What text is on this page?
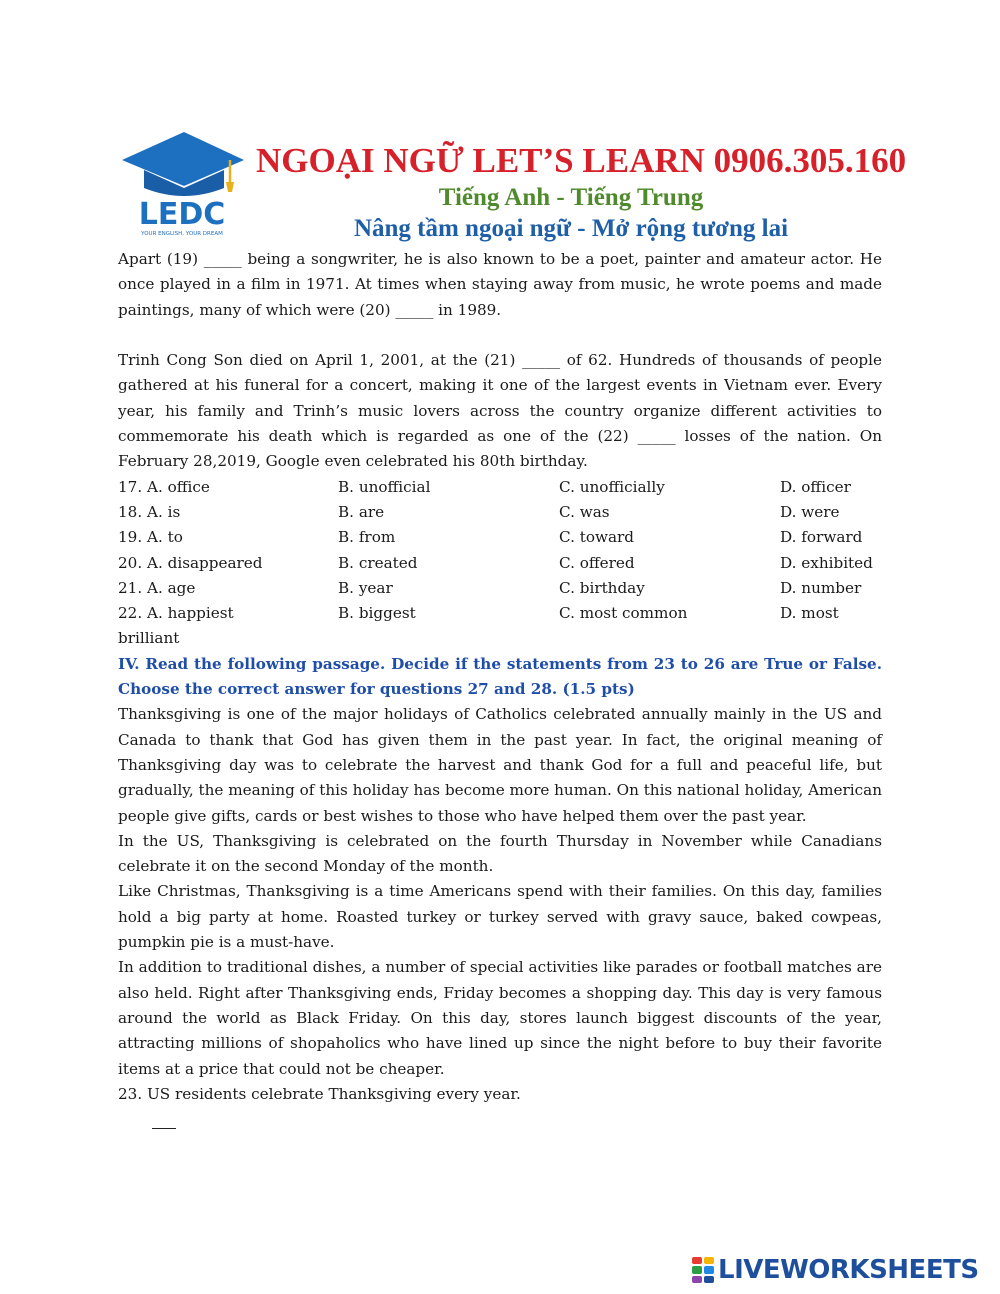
LEDC
YOUR ENGLISH, YOUR DREAM
NGOẠI NGỮ LET’S LEARN 0906.305.160
Tiếng Anh - Tiếng Trung
Nâng tầm ngoại ngữ - Mở rộng tương lai

Apart (19) _____ being a songwriter, he is also known to be a poet, painter and amateur actor. He once played in a film in 1971. At times when staying away from music, he wrote poems and made paintings, many of which were (20) _____ in 1989.

Trinh Cong Son died on April 1, 2001, at the (21) _____ of 62. Hundreds of thousands of people gathered at his funeral for a concert, making it one of the largest events in Vietnam ever. Every year, his family and Trinh’s music lovers across the country organize different activities to commemorate his death which is regarded as one of the (22) _____ losses of the nation. On February 28,2019, Google even celebrated his 80th birthday.

17. A. office	B. unofficial	C. unofficially	D. officer
18. A. is	B. are	C. was	D. were
19. A. to	B. from	C. toward	D. forward
20. A. disappeared	B. created	C. offered	D. exhibited
21. A. age	B. year	C. birthday	D. number
22. A. happiest	B. biggest	C. most common	D. most
brilliant

IV. Read the following passage. Decide if the statements from 23 to 26 are True or False. Choose the correct answer for questions 27 and 28. (1.5 pts)

Thanksgiving is one of the major holidays of Catholics celebrated annually mainly in the US and Canada to thank that God has given them in the past year. In fact, the original meaning of Thanksgiving day was to celebrate the harvest and thank God for a full and peaceful life, but gradually, the meaning of this holiday has become more human. On this national holiday, American people give gifts, cards or best wishes to those who have helped them over the past year.

In the US, Thanksgiving is celebrated on the fourth Thursday in November while Canadians celebrate it on the second Monday of the month.

Like Christmas, Thanksgiving is a time Americans spend with their families. On this day, families hold a big party at home. Roasted turkey or turkey served with gravy sauce, baked cowpeas, pumpkin pie is a must-have.

In addition to traditional dishes, a number of special activities like parades or football matches are also held. Right after Thanksgiving ends, Friday becomes a shopping day. This day is very famous around the world as Black Friday. On this day, stores launch biggest discounts of the year, attracting millions of shopaholics who have lined up since the night before to buy their favorite items at a price that could not be cheaper.

23. US residents celebrate Thanksgiving every year.
LIVEWORKSHEETS
